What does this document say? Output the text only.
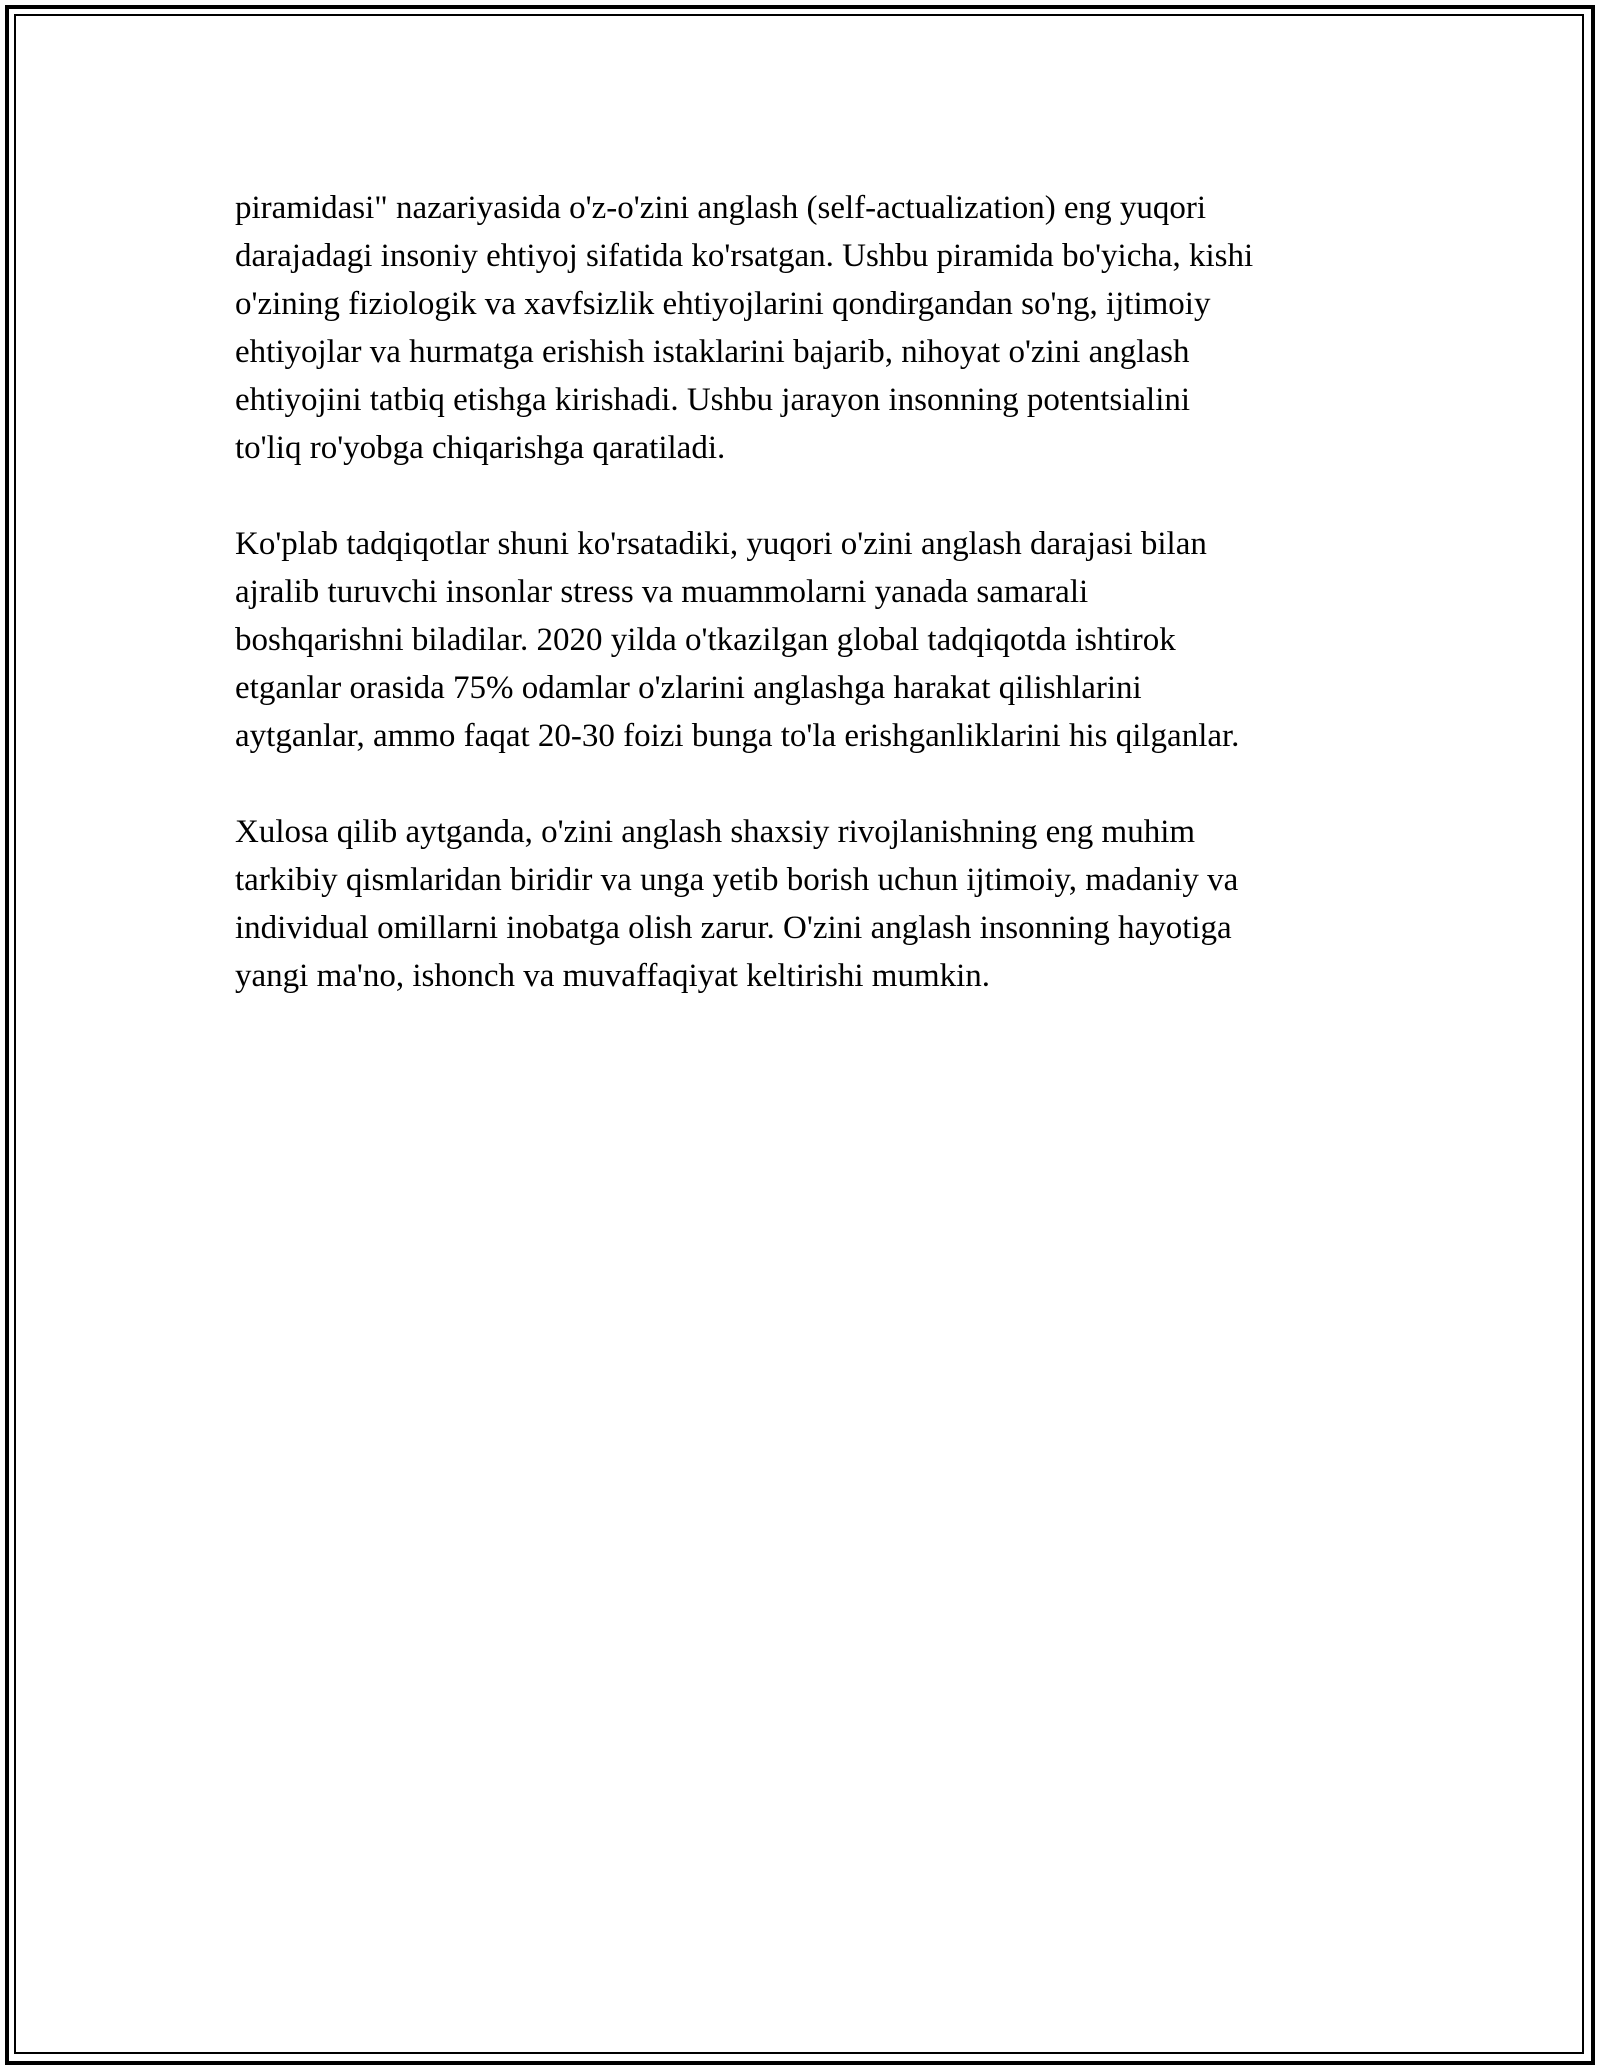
piramidasi" nazariyasida o'z-o'zini anglash (self-actualization) eng yuqori
darajadagi insoniy ehtiyoj sifatida ko'rsatgan. Ushbu piramida bo'yicha, kishi
o'zining fiziologik va xavfsizlik ehtiyojlarini qondirgandan so'ng, ijtimoiy
ehtiyojlar va hurmatga erishish istaklarini bajarib, nihoyat o'zini anglash
ehtiyojini tatbiq etishga kirishadi. Ushbu jarayon insonning potentsialini
to'liq ro'yobga chiqarishga qaratiladi.

Ko'plab tadqiqotlar shuni ko'rsatadiki, yuqori o'zini anglash darajasi bilan
ajralib turuvchi insonlar stress va muammolarni yanada samarali
boshqarishni biladilar. 2020 yilda o'tkazilgan global tadqiqotda ishtirok
etganlar orasida 75% odamlar o'zlarini anglashga harakat qilishlarini
aytganlar, ammo faqat 20-30 foizi bunga to'la erishganliklarini his qilganlar.

Xulosa qilib aytganda, o'zini anglash shaxsiy rivojlanishning eng muhim
tarkibiy qismlaridan biridir va unga yetib borish uchun ijtimoiy, madaniy va
individual omillarni inobatga olish zarur. O'zini anglash insonning hayotiga
yangi ma'no, ishonch va muvaffaqiyat keltirishi mumkin.
